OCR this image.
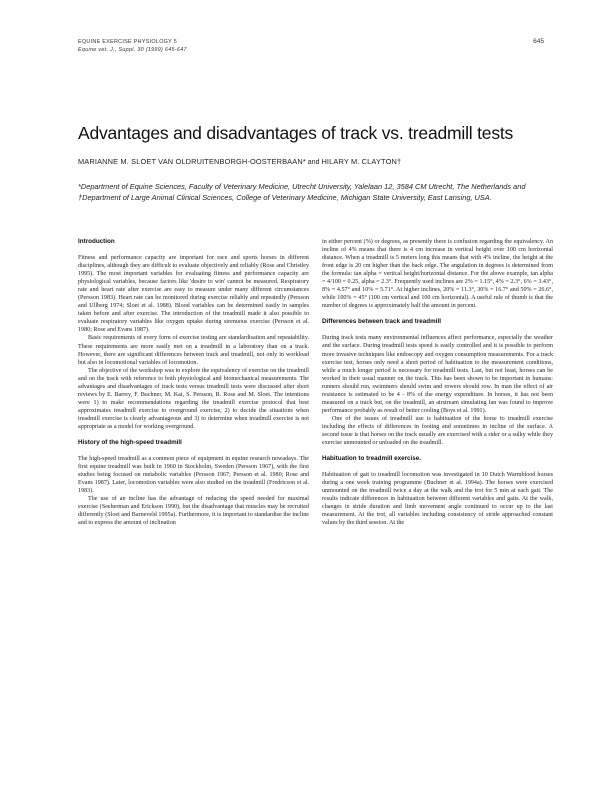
EQUINE EXERCISE PHYSIOLOGY 5
Equine vet. J., Suppl. 30 (1999) 645-647
645
Advantages and disadvantages of track vs. treadmill tests
MARIANNE M. SLOET VAN OLDRUITENBORGH-OOSTERBAAN* and HILARY M. CLAYTON†

*Department of Equine Sciences, Faculty of Veterinary Medicine, Utrecht University, Yalelaan 12, 3584 CM Utrecht, The Netherlands and †Department of Large Animal Clinical Sciences, College of Veterinary Medicine, Michigan State University, East Lansing, USA.

Introduction

Fitness and performance capacity are important for race and sports horses in different disciplines, although they are difficult to evaluate objectively and reliably (Rose and Christley 1995). The most important variables for evaluating fitness and performance capacity are physiological variables, because factors like 'desire to win' cannot be measured. Respiratory rate and heart rate after exercise are easy to measure under many different circumstances (Persson 1983). Heart rate can be monitored during exercise reliably and repeatedly (Persson and Ullberg 1974; Sloet et al. 1988). Blood variables can be determined easily in samples taken before and after exercise. The introduction of the treadmill made it also possible to evaluate respiratory variables like oxygen uptake during strenuous exercise (Persson et al. 1980; Rose and Evans 1987).

Basic requirements of every form of exercise testing are standardisation and repeatability. These requirements are more easily met on a treadmill in a laboratory than on a track. However, there are significant differences between track and treadmill, not only in workload but also in locomotional variables of locomotion.

The objective of the workshop was to explore the equivalency of exercise on the treadmill and on the track with reference to both physiological and biomechanical measurements. The advantages and disadvantages of track tests versus treadmill tests were discussed after short reviews by E. Barrey, F. Buchner, M. Kai, S. Persson, R. Rose and M. Sloet. The intentions were 1) to make recommendations regarding the treadmill exercise protocol that best approximates treadmill exercise to overground exercise, 2) to decide the situations when treadmill exercise is clearly advantageous and 3) to determine when treadmill exercise is not appropriate as a model for working overground.

History of the high-speed treadmill

The high-speed treadmill as a common piece of equipment in equine research nowadays. The first equine treadmill was built in 1960 in Stockholm, Sweden (Persson 1967), with the first studies being focused on metabolic variables (Persson 1967; Persson et al. 1980; Rose and Evans 1987). Later, locomotion variables were also studied on the treadmill (Fredricson et al. 1983).

The use of an incline has the advantage of reducing the speed needed for maximal exercise (Seeherman and Erickson 1990), but the disadvantage that muscles may be recruited differently (Sloet and Barneveld 1995a). Furthermore, it is important to standardise the incline and to express the amount of inclination

in either percent (%) or degrees, as presently there is confusion regarding the equivalency. An incline of 4% means that there is 4 cm increase in vertical height over 100 cm horizontal distance. When a treadmill is 5 meters long this means that with 4% incline, the height at the front edge is 20 cm higher than the back edge. The angulation in degrees is determined from the formula: tan alpha = vertical height/horizontal distance. For the above example, tan alpha = 4/100 = 0.25, alpha = 2.3°. Frequently used inclines are 2% = 1.15°, 4% = 2.3°, 6% = 3.43°, 8% = 4.57° and 10% = 5.71°. At higher inclines, 20% = 11.3°, 30% = 16.7° and 50% = 26.6°, while 100% = 45° (100 cm vertical and 100 cm horizontal). A useful rule of thumb is that the number of degrees is approximately half the amount in percent.

Differences between track and treadmill

During track tests many environmental influences affect performance, especially the weather and the surface. During treadmill tests speed is easily controlled and it is possible to perform more invasive techniques like endoscopy and oxygen consumption measurements. For a track exercise test, horses only need a short period of habituation to the measurement conditions, while a much longer period is necessary for treadmill tests. Last, but not least, horses can be worked in their usual manner on the track. This has been shown to be important in humans: runners should run, swimmers should swim and rowers should row. In man the effect of air resistance is estimated to be 4 - 8% of the energy expenditure. In horses, it has not been measured on a track but, on the treadmill, an airstream simulating fan was found to improve performance probably as result of better cooling (Boys et al. 1991).

One of the issues of treadmill use is habituation of the horse to treadmill exercise including the effects of differences in footing and sometimes in incline of the surface. A second issue is that horses on the track usually are exercised with a rider or a sulky while they exercise unmounted or unloaded on the treadmill.

Habituation to treadmill exercise.

Habituation of gait to treadmill locomotion was investigated in 10 Dutch Warmblood horses during a one week training programme (Buchner et al. 1994a). The horses were exercised unmounted on the treadmill twice a day at the walk and the trot for 5 min at each gait. The results indicate differences in habituation between different variables and gaits. At the walk, changes in stride duration and limb movement angle continued to occur up to the last measurement. At the trot, all variables including consistency of stride approached constant values by the third session. At the
